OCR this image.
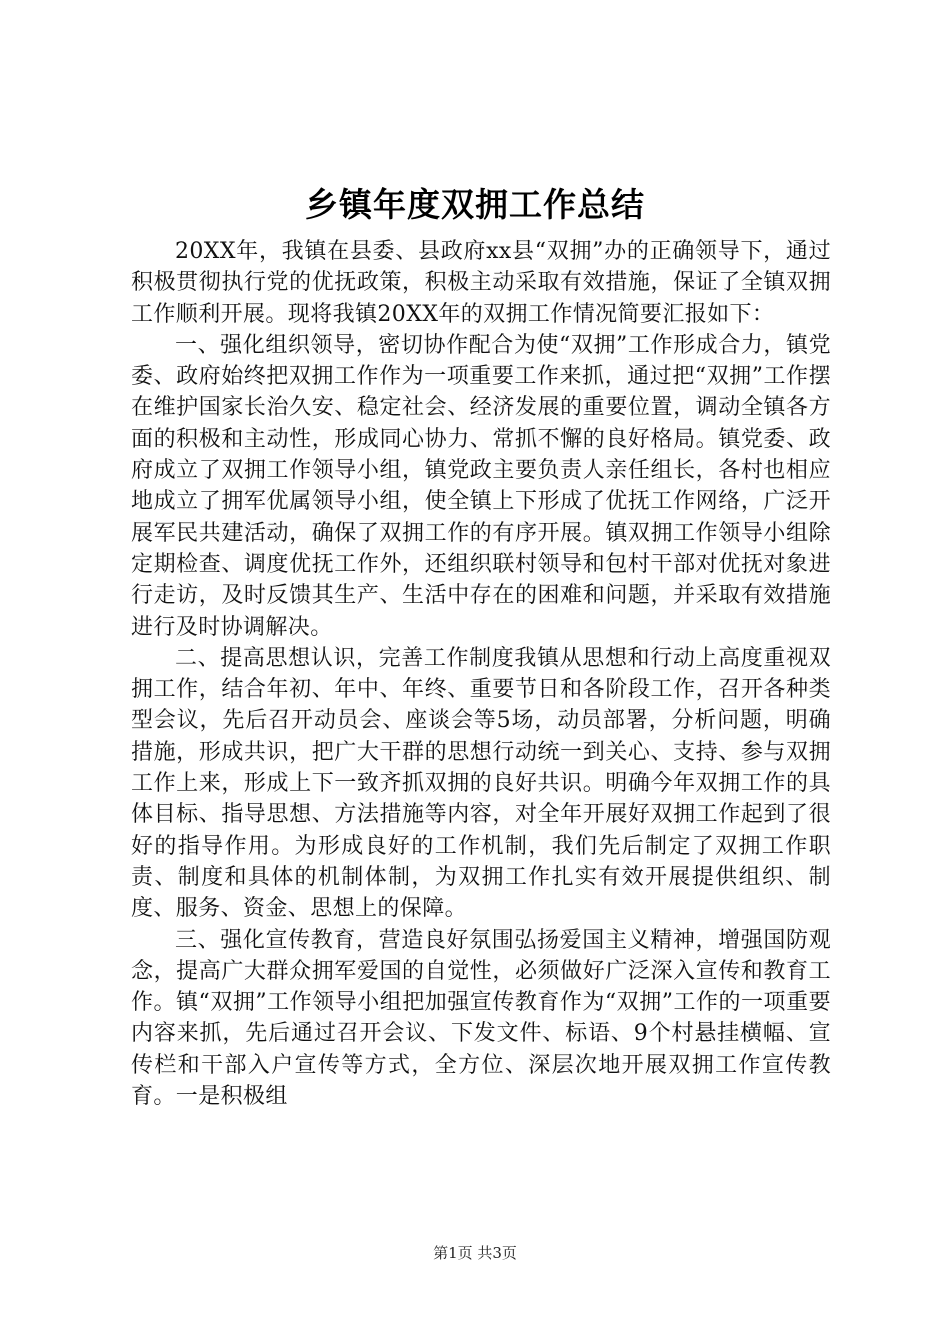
乡镇年度双拥工作总结

20XX年，我镇在县委、县政府xx县“双拥”办的正确领导下，通过积极贯彻执行党的优抚政策，积极主动采取有效措施，保证了全镇双拥工作顺利开展。现将我镇20XX年的双拥工作情况简要汇报如下：

一、强化组织领导，密切协作配合为使“双拥”工作形成合力，镇党委、政府始终把双拥工作作为一项重要工作来抓，通过把“双拥”工作摆在维护国家长治久安、稳定社会、经济发展的重要位置，调动全镇各方面的积极和主动性，形成同心协力、常抓不懈的良好格局。镇党委、政府成立了双拥工作领导小组，镇党政主要负责人亲任组长，各村也相应地成立了拥军优属领导小组，使全镇上下形成了优抚工作网络，广泛开展军民共建活动，确保了双拥工作的有序开展。镇双拥工作领导小组除定期检查、调度优抚工作外，还组织联村领导和包村干部对优抚对象进行走访，及时反馈其生产、生活中存在的困难和问题，并采取有效措施进行及时协调解决。

二、提高思想认识，完善工作制度我镇从思想和行动上高度重视双拥工作，结合年初、年中、年终、重要节日和各阶段工作，召开各种类型会议，先后召开动员会、座谈会等5场，动员部署，分析问题，明确措施，形成共识，把广大干群的思想行动统一到关心、支持、参与双拥工作上来，形成上下一致齐抓双拥的良好共识。明确今年双拥工作的具体目标、指导思想、方法措施等内容，对全年开展好双拥工作起到了很好的指导作用。为形成良好的工作机制，我们先后制定了双拥工作职责、制度和具体的机制体制，为双拥工作扎实有效开展提供组织、制度、服务、资金、思想上的保障。

三、强化宣传教育，营造良好氛围弘扬爱国主义精神，增强国防观念，提高广大群众拥军爱国的自觉性，必须做好广泛深入宣传和教育工作。镇“双拥”工作领导小组把加强宣传教育作为“双拥”工作的一项重要内容来抓，先后通过召开会议、下发文件、标语、9个村悬挂横幅、宣传栏和干部入户宣传等方式，全方位、深层次地开展双拥工作宣传教育。一是积极组

第1页 共3页
